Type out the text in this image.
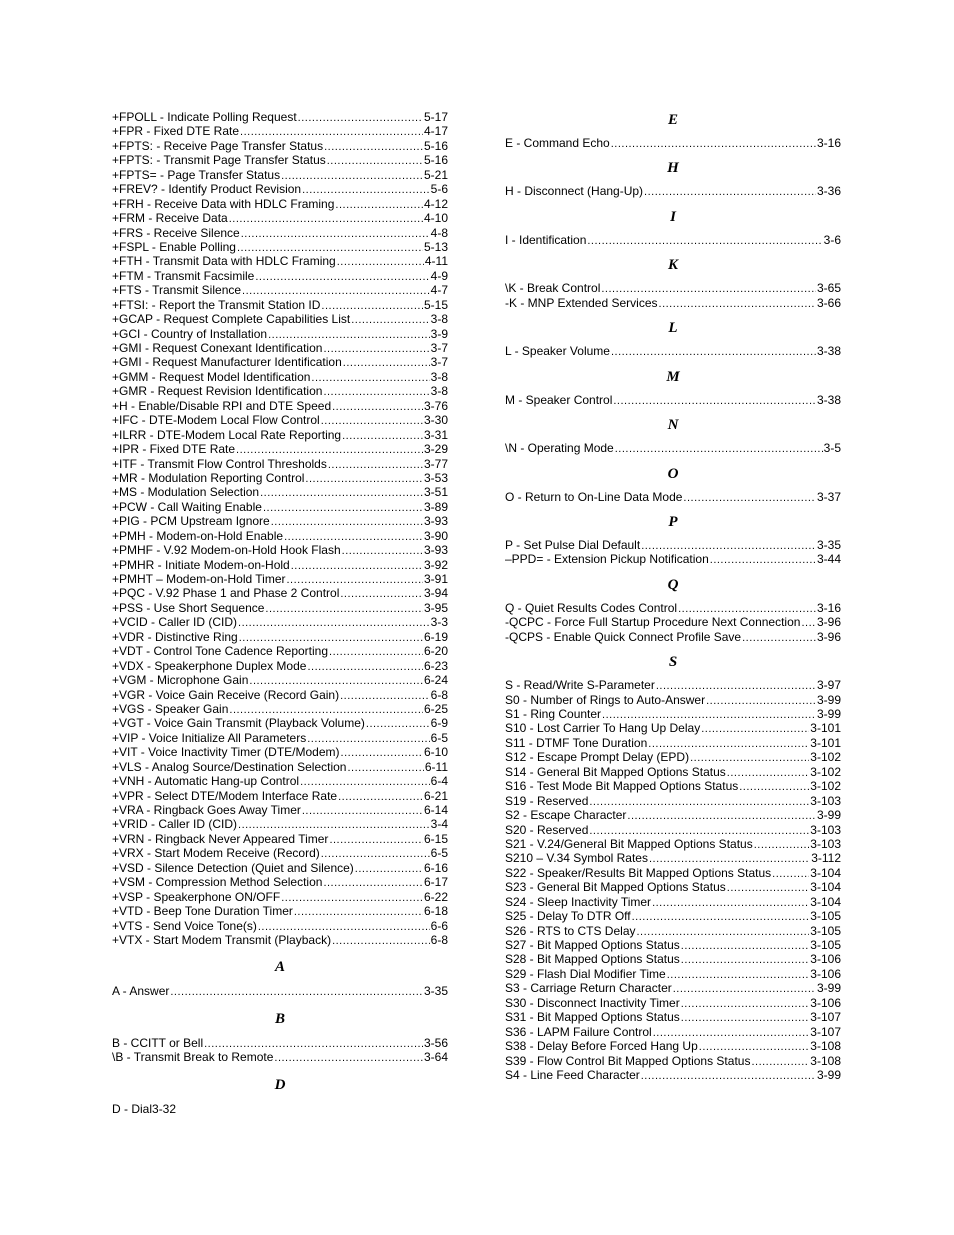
+FPOLL - Indicate Polling Request .....	5-17
+FPR - Fixed DTE Rate .....	4-17
+FPTS: - Receive Page Transfer Status .....	5-16
+FPTS: - Transmit Page Transfer Status .....	5-16
+FPTS= - Page Transfer Status .....	5-21
+FREV? - Identify Product Revision .....	5-6
+FRH - Receive Data with HDLC Framing .....	4-12
+FRM - Receive Data .....	4-10
+FRS - Receive Silence .....	4-8
+FSPL - Enable Polling .....	5-13
+FTH - Transmit Data with HDLC Framing .....	4-11
+FTM - Transmit Facsimile .....	4-9
+FTS - Transmit Silence .....	4-7
+FTSI: - Report the Transmit Station ID .....	5-15
+GCAP - Request Complete Capabilities List .....	3-8
+GCI - Country of Installation .....	3-9
+GMI - Request Conexant Identification .....	3-7
+GMI - Request Manufacturer Identification .....	3-7
+GMM - Request Model Identification .....	3-8
+GMR - Request Revision Identification .....	3-8
+H - Enable/Disable RPI and DTE Speed .....	3-76
+IFC - DTE-Modem Local Flow Control .....	3-30
+ILRR - DTE-Modem Local Rate Reporting .....	3-31
+IPR - Fixed DTE Rate .....	3-29
+ITF - Transmit Flow Control Thresholds .....	3-77
+MR - Modulation Reporting Control .....	3-53
+MS - Modulation Selection .....	3-51
+PCW - Call Waiting Enable .....	3-89
+PIG - PCM Upstream Ignore .....	3-93
+PMH - Modem-on-Hold Enable .....	3-90
+PMHF - V.92 Modem-on-Hold Hook Flash .....	3-93
+PMHR - Initiate Modem-on-Hold .....	3-92
+PMHT – Modem-on-Hold Timer .....	3-91
+PQC - V.92 Phase 1 and Phase 2 Control .....	3-94
+PSS - Use Short Sequence .....	3-95
+VCID - Caller ID (CID) .....	3-3
+VDR - Distinctive Ring .....	6-19
+VDT - Control Tone Cadence Reporting .....	6-20
+VDX - Speakerphone Duplex Mode .....	6-23
+VGM - Microphone Gain .....	6-24
+VGR - Voice Gain Receive (Record Gain) .....	6-8
+VGS - Speaker Gain .....	6-25
+VGT - Voice Gain Transmit (Playback Volume) .....	6-9
+VIP - Voice Initialize All Parameters .....	6-5
+VIT - Voice Inactivity Timer (DTE/Modem) .....	6-10
+VLS - Analog Source/Destination Selection .....	6-11
+VNH - Automatic Hang-up Control .....	6-4
+VPR - Select DTE/Modem Interface Rate .....	6-21
+VRA - Ringback Goes Away Timer .....	6-14
+VRID - Caller ID (CID) .....	3-4
+VRN - Ringback Never Appeared Timer .....	6-15
+VRX - Start Modem Receive (Record) .....	6-5
+VSD - Silence Detection (Quiet and Silence) .....	6-16
+VSM - Compression Method Selection .....	6-17
+VSP - Speakerphone ON/OFF .....	6-22
+VTD - Beep Tone Duration Timer .....	6-18
+VTS - Send Voice Tone(s) .....	6-6
+VTX - Start Modem Transmit (Playback) .....	6-8
A
A - Answer .....	3-35
B
B - CCITT or Bell .....	3-56
\B - Transmit Break to Remote .....	3-64
D
D - Dial 3-32
E
E - Command Echo .....	3-16
H
H - Disconnect (Hang-Up) .....	3-36
I
I - Identification .....	3-6
K
\K - Break Control .....	3-65
-K - MNP Extended Services .....	3-66
L
L - Speaker Volume .....	3-38
M
M - Speaker Control .....	3-38
N
\N - Operating Mode .....	3-5
O
O - Return to On-Line Data Mode .....	3-37
P
P - Set Pulse Dial Default .....	3-35
–PPD= - Extension Pickup Notification .....	3-44
Q
Q - Quiet Results Codes Control .....	3-16
-QCPC - Force Full Startup Procedure Next Connection ..... 3-96
-QCPS - Enable Quick Connect Profile Save .....	3-96
S
S - Read/Write S-Parameter .....	3-97
S0 - Number of Rings to Auto-Answer .....	3-99
S1 - Ring Counter .....	3-99
S10 - Lost Carrier To Hang Up Delay .....	3-101
S11 - DTMF Tone Duration .....	3-101
S12 - Escape Prompt Delay (EPD) .....	3-102
S14 - General Bit Mapped Options Status .....	3-102
S16 - Test Mode Bit Mapped Options Status .....	3-102
S19 - Reserved .....	3-103
S2 - Escape Character .....	3-99
S20 - Reserved .....	3-103
S21 - V.24/General Bit Mapped Options Status .....	3-103
S210 – V.34 Symbol Rates .....	3-112
S22 - Speaker/Results Bit Mapped Options Status .....	3-104
S23 - General Bit Mapped Options Status .....	3-104
S24 - Sleep Inactivity Timer .....	3-104
S25 - Delay To DTR Off .....	3-105
S26 - RTS to CTS Delay .....	3-105
S27 - Bit Mapped Options Status .....	3-105
S28 - Bit Mapped Options Status .....	3-106
S29 - Flash Dial Modifier Time .....	3-106
S3 - Carriage Return Character .....	3-99
S30 - Disconnect Inactivity Timer .....	3-106
S31 - Bit Mapped Options Status .....	3-107
S36 - LAPM Failure Control .....	3-107
S38 - Delay Before Forced Hang Up .....	3-108
S39 - Flow Control Bit Mapped Options Status .....	3-108
S4 - Line Feed Character .....	3-99
